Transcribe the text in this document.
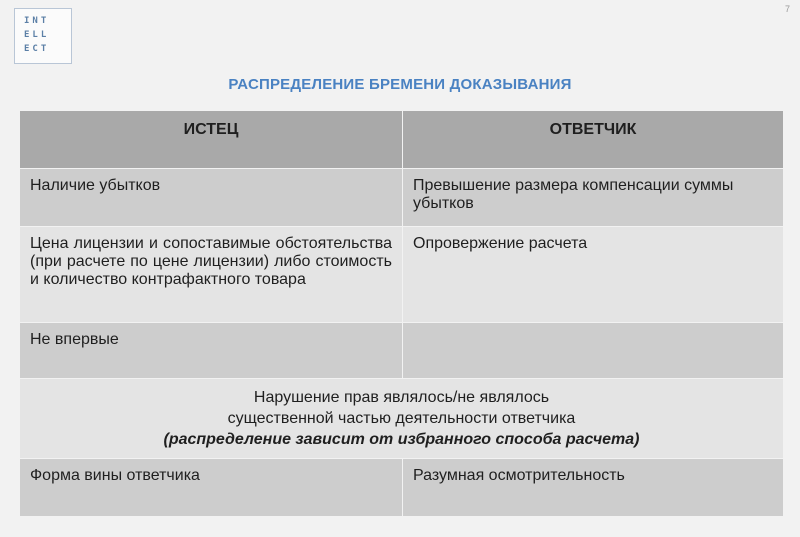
INT
ELL
ECT
7
РАСПРЕДЕЛЕНИЕ БРЕМЕНИ ДОКАЗЫВАНИЯ
ИСТЕЦ	ОТВЕТЧИК
Наличие убытков	Превышение размера компенсации суммы убытков
Цена лицензии и сопоставимые обстоятельства (при расчете по цене лицензии) либо стоимость и количество контрафактного товара	Опровержение расчета
Не впервые	
Нарушение прав являлось/не являлось
существенной частью деятельности ответчика
(распределение зависит от избранного способа расчета)	

Форма вины ответчика	Разумная осмотрительность
